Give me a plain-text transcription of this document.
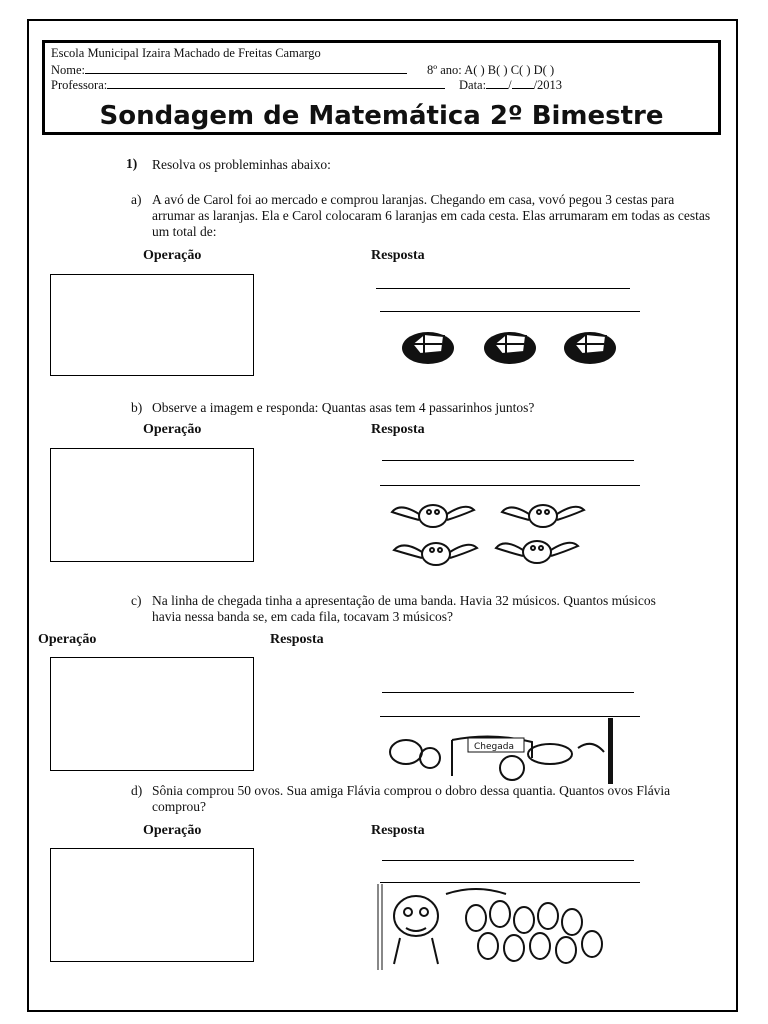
Escola Municipal Izaira Machado de Freitas Camargo
Nome:	8º ano: A( ) B( ) C( ) D( )
Professora:	Data: / /2013
Sondagem de Matemática 2º Bimestre
1) Resolva os probleminhas abaixo:
a) A avó de Carol foi ao mercado e comprou laranjas. Chegando em casa, vovó pegou 3 cestas para arrumar as laranjas. Ela e Carol colocaram 6 laranjas em cada cesta. Elas arrumaram em todas as cestas um total de:
Operação	Resposta
b) Observe a imagem e responda: Quantas asas tem 4 passarinhos juntos?
Operação	Resposta
c) Na linha de chegada tinha a apresentação de uma banda. Havia 32 músicos. Quantos músicos havia nessa banda se, em cada fila, tocavam 3 músicos?
Operação	Resposta
Chegada
d) Sônia comprou 50 ovos. Sua amiga Flávia comprou o dobro dessa quantia. Quantos ovos Flávia comprou?
Operação	Resposta
